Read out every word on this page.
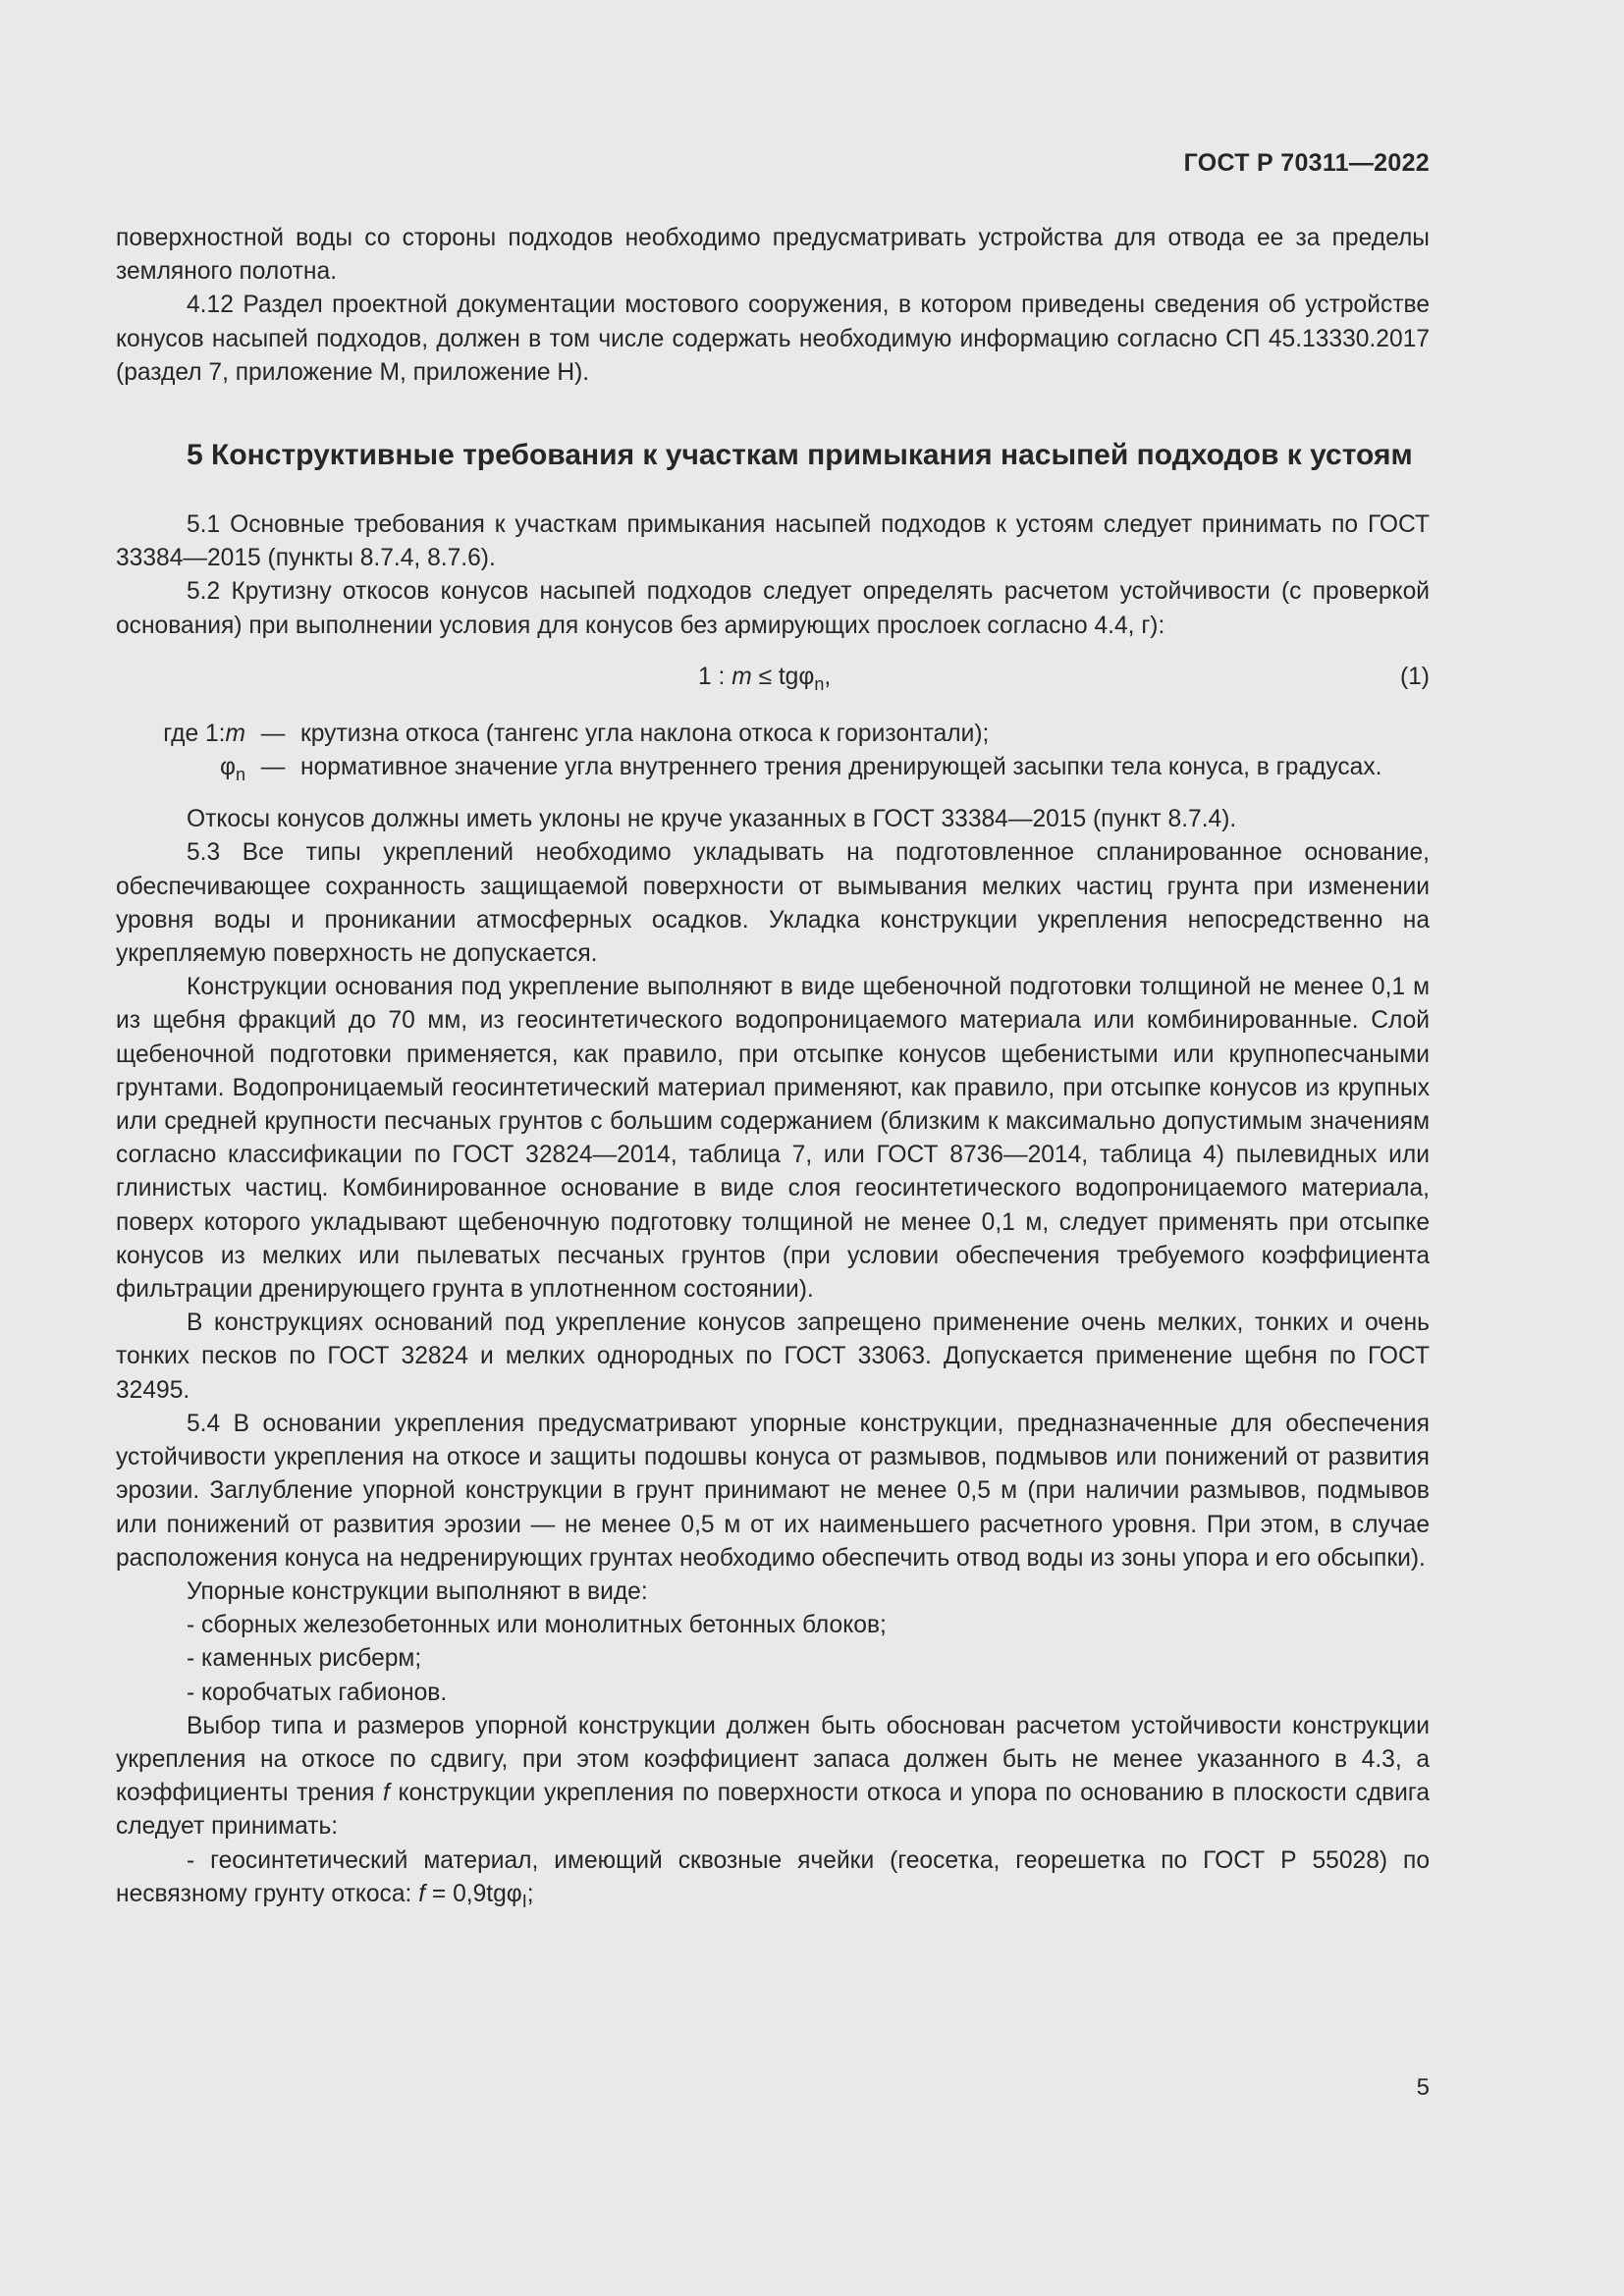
ГОСТ Р 70311—2022

поверхностной воды со стороны подходов необходимо предусматривать устройства для отвода ее за пределы земляного полотна.

4.12 Раздел проектной документации мостового сооружения, в котором приведены сведения об устройстве конусов насыпей подходов, должен в том числе содержать необходимую информацию согласно СП 45.13330.2017 (раздел 7, приложение М, приложение Н).

5 Конструктивные требования к участкам примыкания насыпей подходов к устоям

5.1 Основные требования к участкам примыкания насыпей подходов к устоям следует принимать по ГОСТ 33384—2015 (пункты 8.7.4, 8.7.6).

5.2 Крутизну откосов конусов насыпей подходов следует определять расчетом устойчивости (с проверкой основания) при выполнении условия для конусов без армирующих прослоек согласно 4.4, г):

1 : m ≤ tgφ$_n$,	(1)

где 1:m — крутизна откоса (тангенс угла наклона откоса к горизонтали);

$\varphi_n$ — нормативное значение угла внутреннего трения дренирующей засыпки тела конуса, в градусах.

Откосы конусов должны иметь уклоны не круче указанных в ГОСТ 33384—2015 (пункт 8.7.4).

5.3 Все типы укреплений необходимо укладывать на подготовленное спланированное основание, обеспечивающее сохранность защищаемой поверхности от вымывания мелких частиц грунта при изменении уровня воды и проникании атмосферных осадков. Укладка конструкции укрепления непосредственно на укрепляемую поверхность не допускается.

Конструкции основания под укрепление выполняют в виде щебеночной подготовки толщиной не менее 0,1 м из щебня фракций до 70 мм, из геосинтетического водопроницаемого материала или комбинированные. Слой щебеночной подготовки применяется, как правило, при отсыпке конусов щебенистыми или крупнопесчаными грунтами. Водопроницаемый геосинтетический материал применяют, как правило, при отсыпке конусов из крупных или средней крупности песчаных грунтов с большим содержанием (близким к максимально допустимым значениям согласно классификации по ГОСТ 32824—2014, таблица 7, или ГОСТ 8736—2014, таблица 4) пылевидных или глинистых частиц. Комбинированное основание в виде слоя геосинтетического водопроницаемого материала, поверх которого укладывают щебеночную подготовку толщиной не менее 0,1 м, следует применять при отсыпке конусов из мелких или пылеватых песчаных грунтов (при условии обеспечения требуемого коэффициента фильтрации дренирующего грунта в уплотненном состоянии).

В конструкциях оснований под укрепление конусов запрещено применение очень мелких, тонких и очень тонких песков по ГОСТ 32824 и мелких однородных по ГОСТ 33063. Допускается применение щебня по ГОСТ 32495.

5.4 В основании укрепления предусматривают упорные конструкции, предназначенные для обеспечения устойчивости укрепления на откосе и защиты подошвы конуса от размывов, подмывов или понижений от развития эрозии. Заглубление упорной конструкции в грунт принимают не менее 0,5 м (при наличии размывов, подмывов или понижений от развития эрозии — не менее 0,5 м от их наименьшего расчетного уровня. При этом, в случае расположения конуса на недренирующих грунтах необходимо обеспечить отвод воды из зоны упора и его обсыпки).

Упорные конструкции выполняют в виде:

- сборных железобетонных или монолитных бетонных блоков;

- каменных рисберм;

- коробчатых габионов.

Выбор типа и размеров упорной конструкции должен быть обоснован расчетом устойчивости конструкции укрепления на откосе по сдвигу, при этом коэффициент запаса должен быть не менее указанного в 4.3, а коэффициенты трения f конструкции укрепления по поверхности откоса и упора по основанию в плоскости сдвига следует принимать:

- геосинтетический материал, имеющий сквозные ячейки (геосетка, георешетка по ГОСТ Р 55028) по несвязному грунту откоса: f = 0,9tgφ$_I$;

5
